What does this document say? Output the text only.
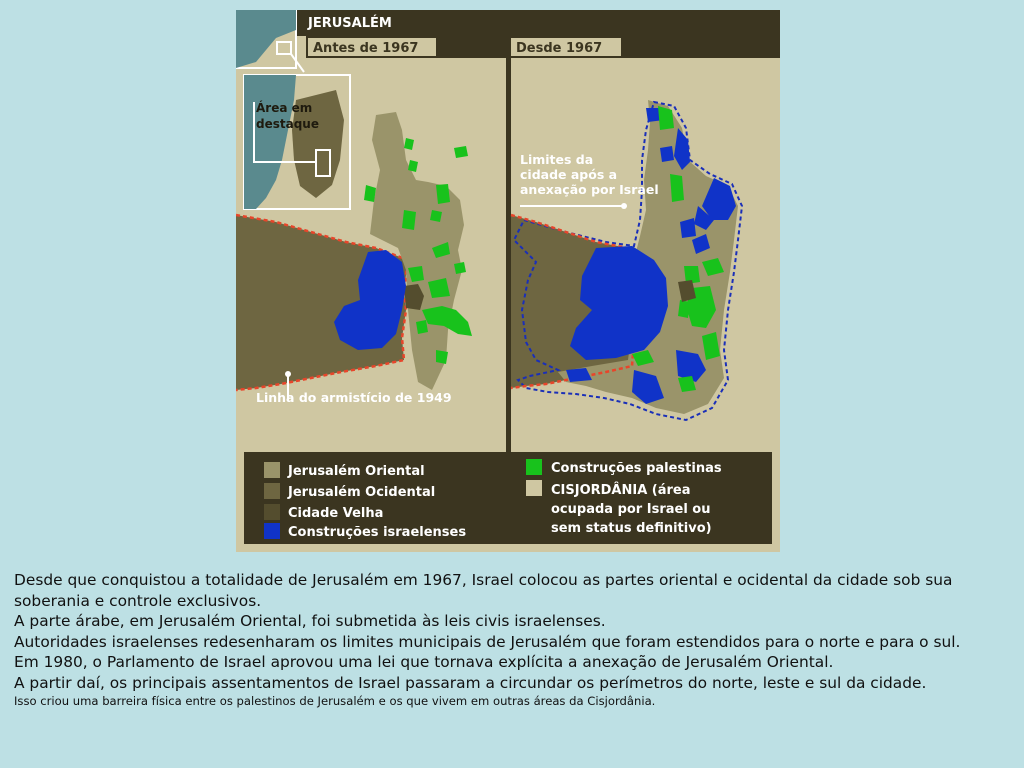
JERUSALÉM
Antes de 1967	Desde 1967
Área em
destaque
Limites da
cidade após a
anexação por Israel
Linha do armistício de 1949
Jerusalém Oriental
Jerusalém Ocidental
Cidade Velha
Construções israelenses
Construções palestinas
CISJORDÂNIA (área
ocupada por Israel ou
sem status definitivo)

Desde que conquistou a totalidade de Jerusalém em 1967, Israel colocou as partes oriental e ocidental da cidade sob sua soberania e controle exclusivos.

A parte árabe, em Jerusalém Oriental, foi submetida às leis civis israelenses.

Autoridades israelenses redesenharam os limites municipais de Jerusalém que foram estendidos para o norte e para o sul.

Em 1980, o Parlamento de Israel aprovou uma lei que tornava explícita a anexação de Jerusalém Oriental.

A partir daí, os principais assentamentos de Israel passaram a circundar os perímetros do norte, leste e sul da cidade.

Isso criou uma barreira física entre os palestinos de Jerusalém e os que vivem em outras áreas da Cisjordânia.
